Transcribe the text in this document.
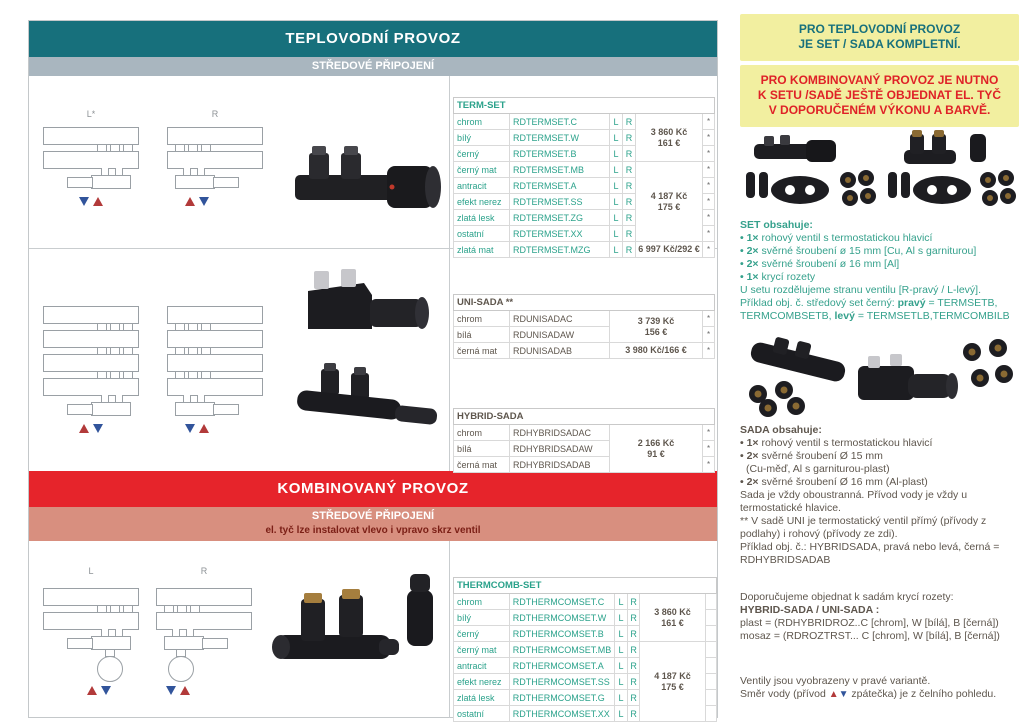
TEPLOVODNÍ PROVOZ
STŘEDOVÉ PŘIPOJENÍ
KOMBINOVANÝ PROVOZ
STŘEDOVÉ PŘIPOJENÍ
el. tyč lze instalovat vlevo i vpravo skrz ventil
L*	R
L	R
TERM-SET					
chrom	RDTERMSET.C	L	R	3 860 Kč
161 €	*
bílý	RDTERMSET.W	L	R		*
černý	RDTERMSET.B	L	R		*
černý mat	RDTERMSET.MB	L	R	4 187 Kč
175 €	*
antracit	RDTERMSET.A	L	R		*
efekt nerez	RDTERMSET.SS	L	R		*
zlatá lesk	RDTERMSET.ZG	L	R		*
ostatní	RDTERMSET.XX	L	R		*
zlatá mat	RDTERMSET.MZG	L	R	6 997 Kč/292 €	*
UNI-SADA **			
chrom	RDUNISADAC	3 739 Kč
156 €	*
bílá	RDUNISADAW		*
černá mat	RDUNISADAB	3 980 Kč/166 €	*
HYBRID-SADA			
chrom	RDHYBRIDSADAC	2 166 Kč
91 €	*
bílá	RDHYBRIDSADAW		*
černá mat	RDHYBRIDSADAB		*
THERMCOMB-SET					
chrom	RDTHERMCOMSET.C	L	R	3 860 Kč
161 €	

bílý	RDTHERMCOMSET.W	L	R		
černý	RDTHERMCOMSET.B	L	R		
černý mat	RDTHERMCOMSET.MB	L	R	4 187 Kč
175 €	

antracit	RDTHERMCOMSET.A	L	R		
efekt nerez	RDTHERMCOMSET.SS	L	R		
zlatá lesk	RDTHERMCOMSET.G	L	R		
ostatní	RDTHERMCOMSET.XX	L	R		
PRO TEPLOVODNÍ PROVOZ
JE SET / SADA KOMPLETNÍ.
PRO KOMBINOVANÝ PROVOZ JE NUTNO
K SETU /SADĚ JEŠTĚ OBJEDNAT EL. TYČ
V DOPORUČENÉM VÝKONU A BARVĚ.
SET obsahuje:
• 1× rohový ventil s termostatickou hlavicí
• 2× svěrné šroubení ø 15 mm [Cu, Al s garniturou]
• 2× svěrné šroubení ø 16 mm [Al]
• 1× krycí rozety
U setu rozdělujeme stranu ventilu [R-pravý / L-levý].
Příklad obj. č. středový set černý: pravý = TERMSETB, TERMCOMBSETB, levý = TERMSETLB,TERMCOMBILB
SADA obsahuje:
• 1× rohový ventil s termostatickou hlavicí
• 2× svěrné šroubení Ø 15 mm
(Cu-měď, Al s garniturou-plast)
• 2× svěrné šroubení Ø 16 mm (Al-plast)
Sada je vždy oboustranná. Přívod vody je vždy u termostatické hlavice.
** V sadě UNI je termostatický ventil přímý (přívody z podlahy) i rohový (přívody ze zdi).
Příklad obj. č.: HYBRIDSADA, pravá nebo levá, černá = RDHYBRIDSADAB
Doporučujeme objednat k sadám krycí rozety:
HYBRID-SADA / UNI-SADA :
plast = (RDHYBRIDROZ..C [chrom], W [bílá], B [černá])
mosaz = (RDROZTRST... C [chrom], W [bílá], B [černá])
Ventily jsou vyobrazeny v pravé variantě.
Směr vody (přívod ▲▼ zpátečka) je z čelního pohledu.
